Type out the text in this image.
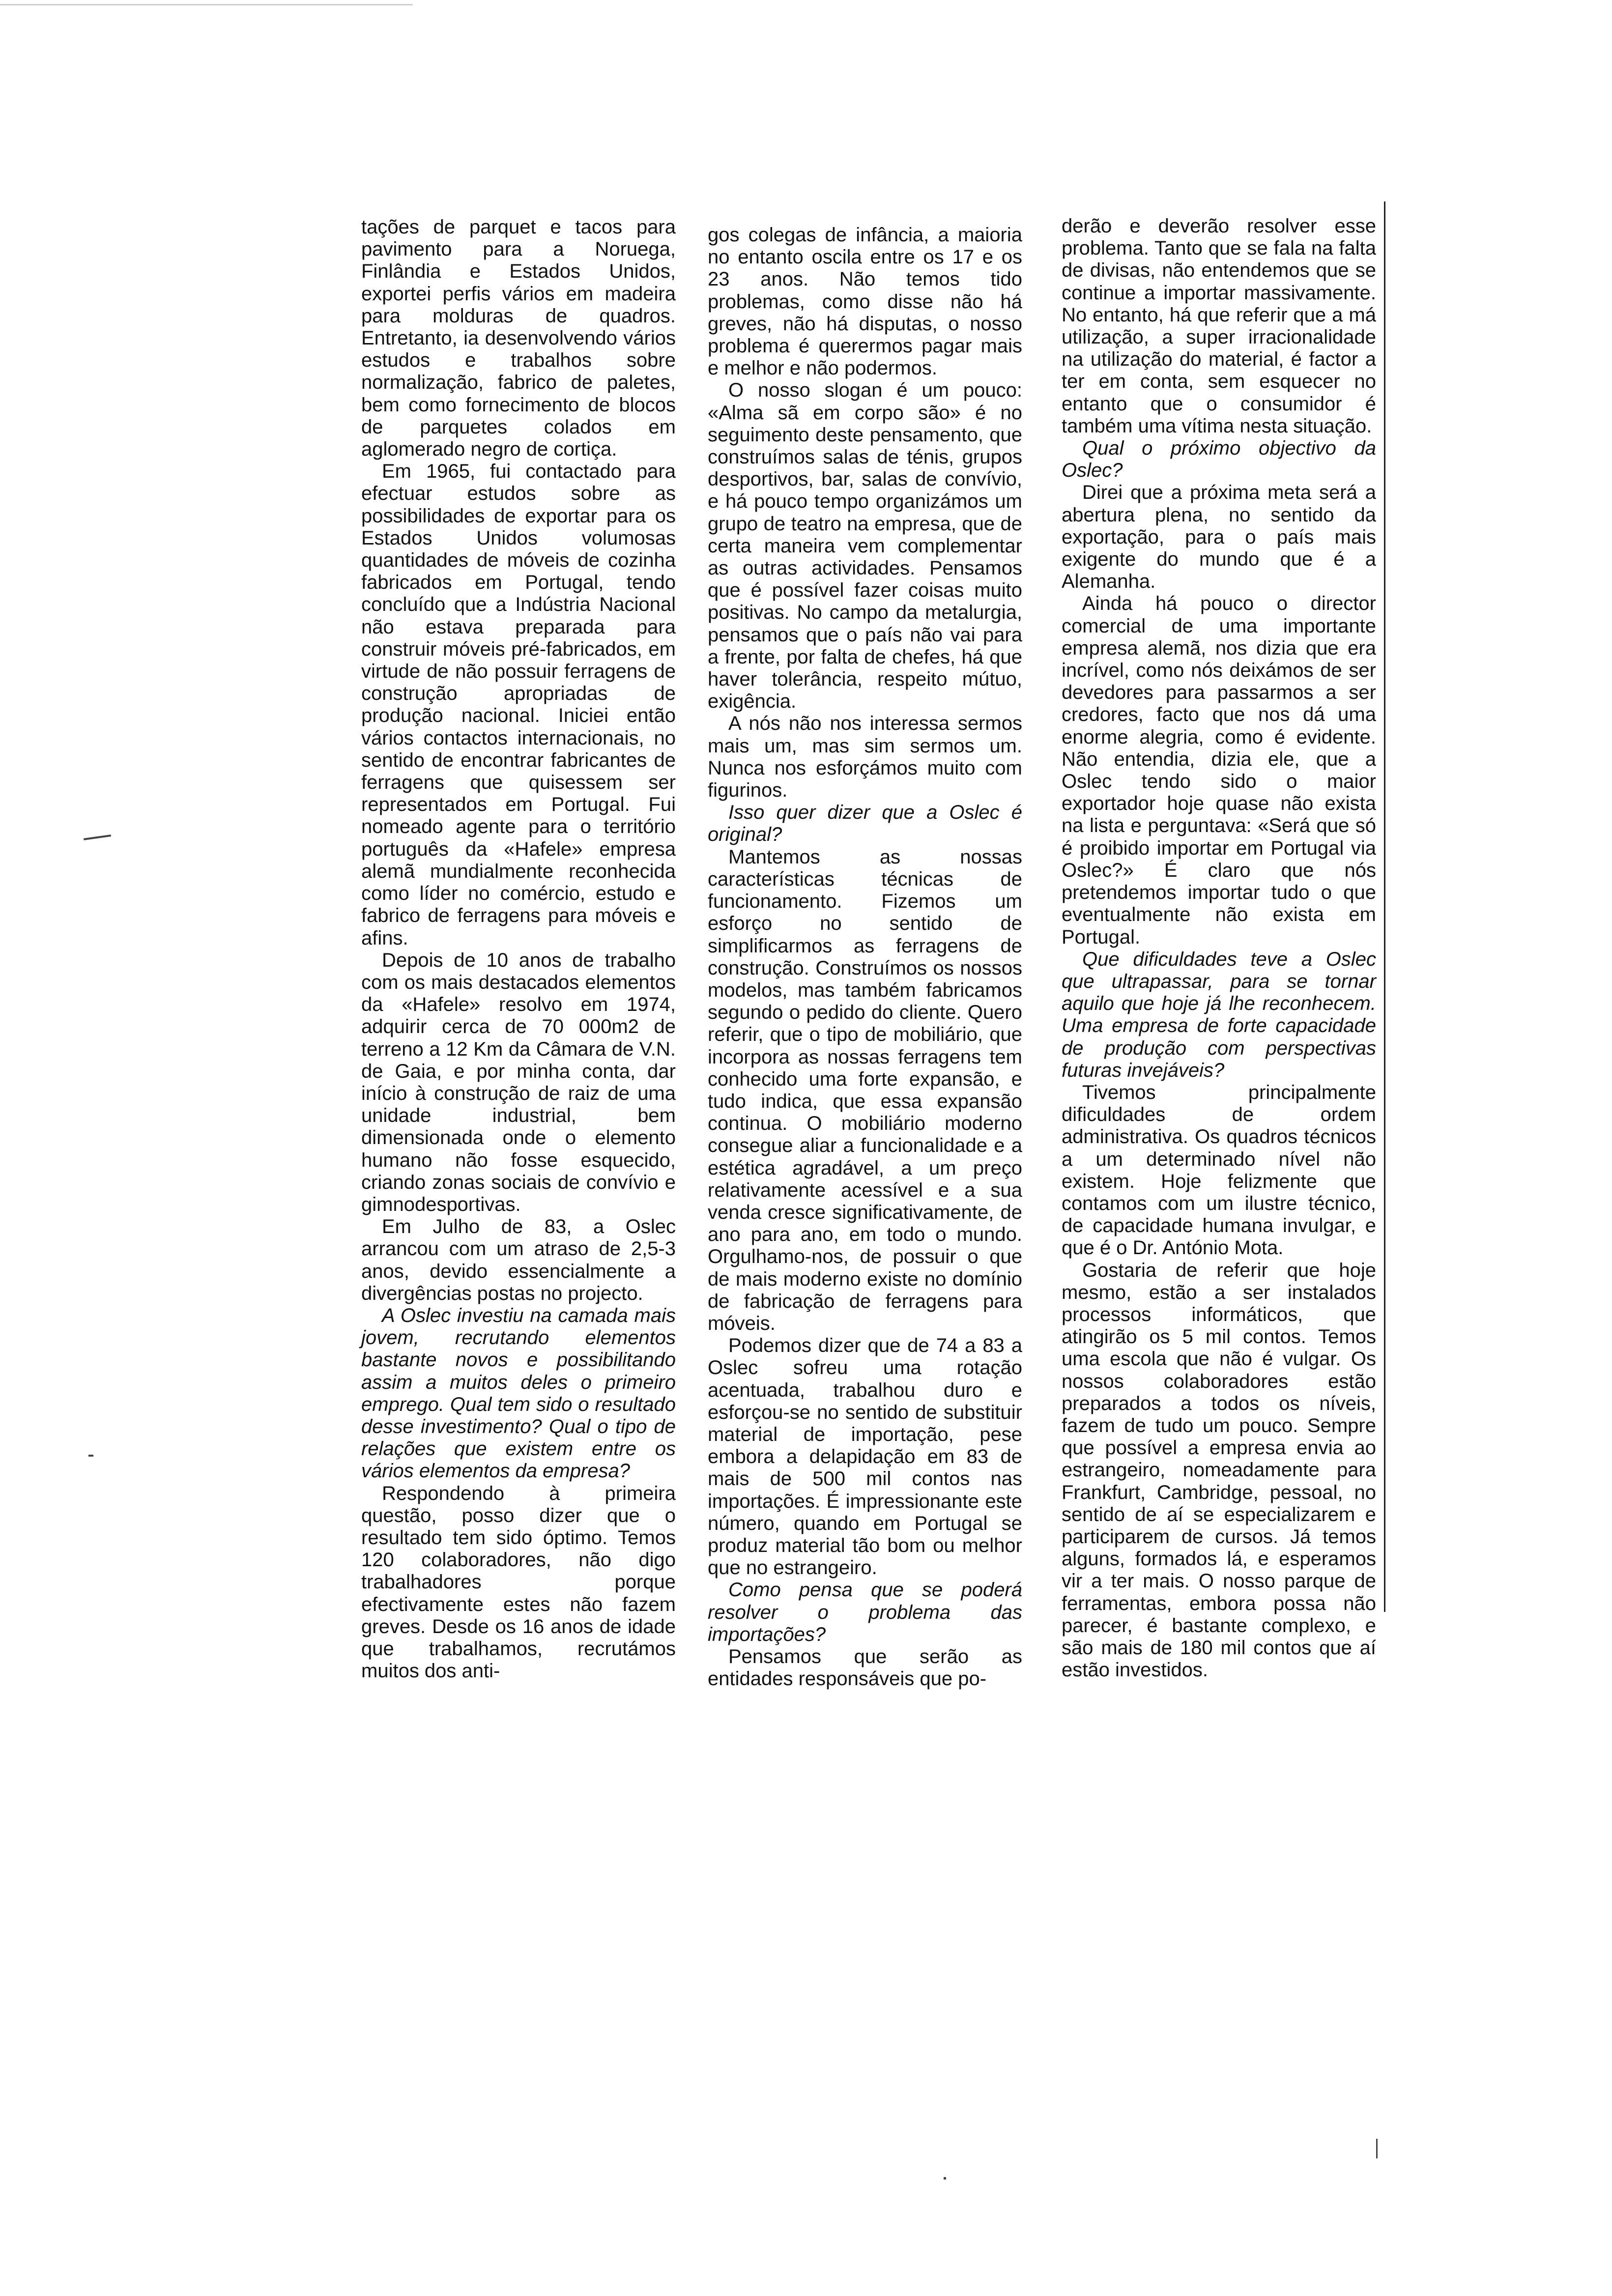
tações de parquet e tacos para pavimento para a Noruega, Finlândia e Estados Unidos, exportei perfis vários em madeira para molduras de quadros. Entretanto, ia desenvolvendo vários estudos e trabalhos sobre normalização, fabrico de paletes, bem como fornecimento de blocos de parquetes colados em aglomerado negro de cortiça.

Em 1965, fui contactado para efectuar estudos sobre as possibilidades de exportar para os Estados Unidos volumosas quantidades de móveis de cozinha fabricados em Portugal, tendo concluído que a Indústria Nacional não estava preparada para construir móveis pré-fabricados, em virtude de não possuir ferragens de construção apropriadas de produção nacional. Iniciei então vários contactos internacionais, no sentido de encontrar fabricantes de ferragens que quisessem ser representados em Portugal. Fui nomeado agente para o território português da «Hafele» empresa alemã mundialmente reconhecida como líder no comércio, estudo e fabrico de ferragens para móveis e afins.

Depois de 10 anos de trabalho com os mais destacados elementos da «Hafele» resolvo em 1974, adquirir cerca de 70 000m2 de terreno a 12 Km da Câmara de V.N. de Gaia, e por minha conta, dar início à construção de raiz de uma unidade industrial, bem dimensionada onde o elemento humano não fosse esquecido, criando zonas sociais de convívio e gimnodesportivas.

Em Julho de 83, a Oslec arrancou com um atraso de 2,5-3 anos, devido essencialmente a divergências postas no projecto.

A Oslec investiu na camada mais jovem, recrutando elementos bastante novos e possibilitando assim a muitos deles o primeiro emprego. Qual tem sido o resultado desse investimento? Qual o tipo de relações que existem entre os vários elementos da empresa?

Respondendo à primeira questão, posso dizer que o resultado tem sido óptimo. Temos 120 colaboradores, não digo trabalhadores porque efectivamente estes não fazem greves. Desde os 16 anos de idade que trabalhamos, recrutámos muitos dos anti-

gos colegas de infância, a maioria no entanto oscila entre os 17 e os 23 anos. Não temos tido problemas, como disse não há greves, não há disputas, o nosso problema é querermos pagar mais e melhor e não podermos.

O nosso slogan é um pouco: «Alma sã em corpo são» é no seguimento deste pensamento, que construímos salas de ténis, grupos desportivos, bar, salas de convívio, e há pouco tempo organizámos um grupo de teatro na empresa, que de certa maneira vem complementar as outras actividades. Pensamos que é possível fazer coisas muito positivas. No campo da metalurgia, pensamos que o país não vai para a frente, por falta de chefes, há que haver tolerância, respeito mútuo, exigência.

A nós não nos interessa sermos mais um, mas sim sermos um. Nunca nos esforçámos muito com figurinos.

Isso quer dizer que a Oslec é original?

Mantemos as nossas características técnicas de funcionamento. Fizemos um esforço no sentido de simplificarmos as ferragens de construção. Construímos os nossos modelos, mas também fabricamos segundo o pedido do cliente. Quero referir, que o tipo de mobiliário, que incorpora as nossas ferragens tem conhecido uma forte expansão, e tudo indica, que essa expansão continua. O mobiliário moderno consegue aliar a funcionalidade e a estética agradável, a um preço relativamente acessível e a sua venda cresce significativamente, de ano para ano, em todo o mundo. Orgulhamo-nos, de possuir o que de mais moderno existe no domínio de fabricação de ferragens para móveis.

Podemos dizer que de 74 a 83 a Oslec sofreu uma rotação acentuada, trabalhou duro e esforçou-se no sentido de substituir material de importação, pese embora a delapidação em 83 de mais de 500 mil contos nas importações. É impressionante este número, quando em Portugal se produz material tão bom ou melhor que no estrangeiro.

Como pensa que se poderá resolver o problema das importações?

Pensamos que serão as entidades responsáveis que po-

derão e deverão resolver esse problema. Tanto que se fala na falta de divisas, não entendemos que se continue a importar massivamente. No entanto, há que referir que a má utilização, a super irracionalidade na utilização do material, é factor a ter em conta, sem esquecer no entanto que o consumidor é também uma vítima nesta situação.

Qual o próximo objectivo da Oslec?

Direi que a próxima meta será a abertura plena, no sentido da exportação, para o país mais exigente do mundo que é a Alemanha.

Ainda há pouco o director comercial de uma importante empresa alemã, nos dizia que era incrível, como nós deixámos de ser devedores para passarmos a ser credores, facto que nos dá uma enorme alegria, como é evidente. Não entendia, dizia ele, que a Oslec tendo sido o maior exportador hoje quase não exista na lista e perguntava: «Será que só é proibido importar em Portugal via Oslec?» É claro que nós pretendemos importar tudo o que eventualmente não exista em Portugal.

Que dificuldades teve a Oslec que ultrapassar, para se tornar aquilo que hoje já lhe reconhecem. Uma empresa de forte capacidade de produção com perspectivas futuras invejáveis?

Tivemos principalmente dificuldades de ordem administrativa. Os quadros técnicos a um determinado nível não existem. Hoje felizmente que contamos com um ilustre técnico, de capacidade humana invulgar, e que é o Dr. António Mota.

Gostaria de referir que hoje mesmo, estão a ser instalados processos informáticos, que atingirão os 5 mil contos. Temos uma escola que não é vulgar. Os nossos colaboradores estão preparados a todos os níveis, fazem de tudo um pouco. Sempre que possível a empresa envia ao estrangeiro, nomeadamente para Frankfurt, Cambridge, pessoal, no sentido de aí se especializarem e participarem de cursos. Já temos alguns, formados lá, e esperamos vir a ter mais. O nosso parque de ferramentas, embora possa não parecer, é bastante complexo, e são mais de 180 mil contos que aí estão investidos.
